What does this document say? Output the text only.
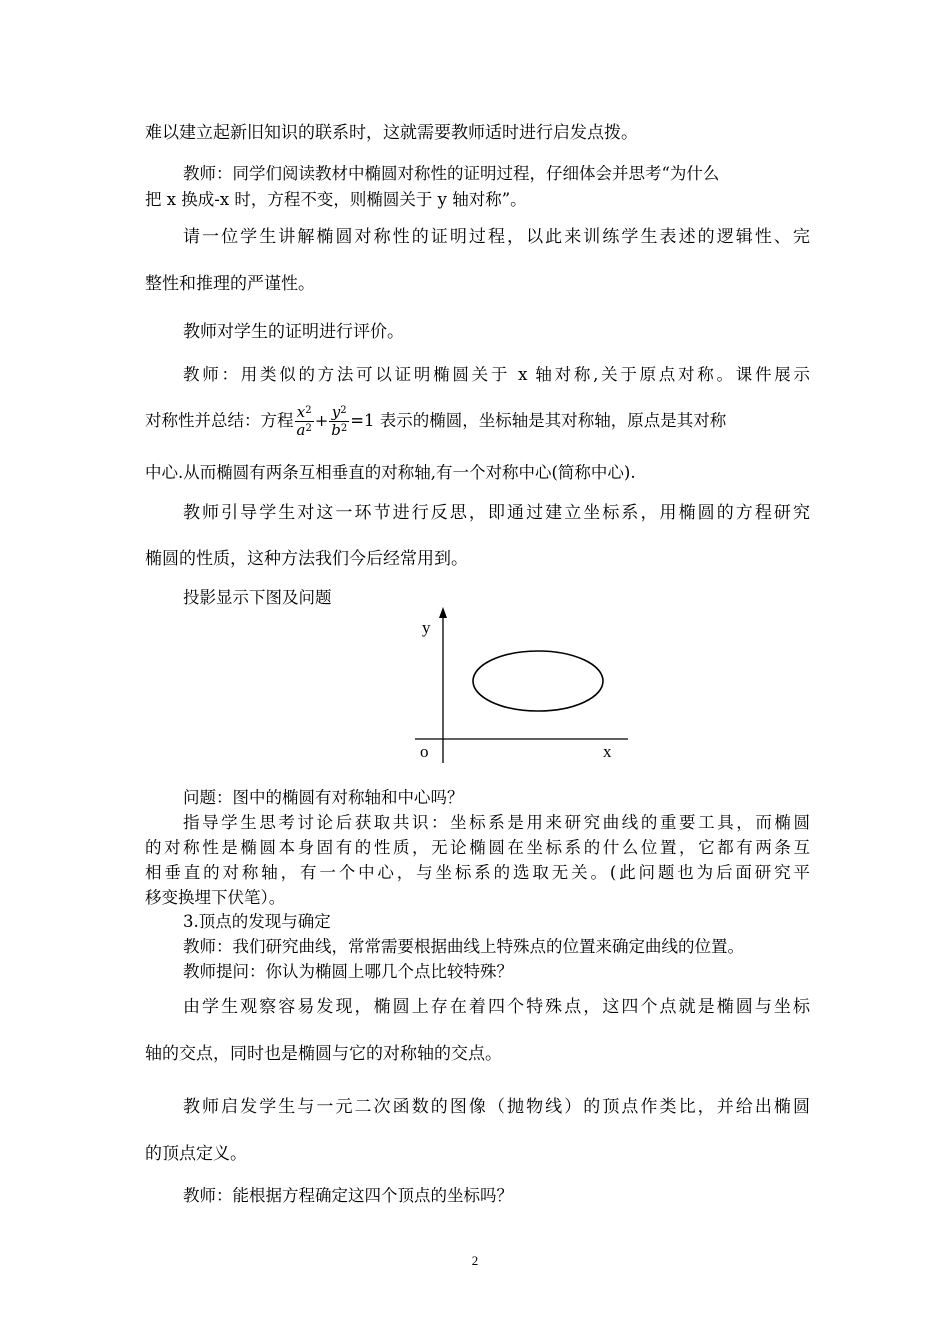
难以建立起新旧知识的联系时，这就需要教师适时进行启发点拨。
教师：同学们阅读教材中椭圆对称性的证明过程，仔细体会并思考“为什么
把 x 换成-x 时，方程不变，则椭圆关于 y 轴对称”。
请一位学生讲解椭圆对称性的证明过程，以此来训练学生表述的逻辑性、完
整性和推理的严谨性。
教师对学生的证明进行评价。
教师：用类似的方法可以证明椭圆关于 x 轴对称,关于原点对称。课件展示
对称性并总结：方程 $\frac{x^2}{a^2} + \frac{y^2}{b^2} =1$ 表示的椭圆，坐标轴是其对称轴，原点是其对称
中心.从而椭圆有两条互相垂直的对称轴,有一个对称中心(简称中心).
教师引导学生对这一环节进行反思，即通过建立坐标系，用椭圆的方程研究
椭圆的性质，这种方法我们今后经常用到。
投影显示下图及问题
y
o	x
问题：图中的椭圆有对称轴和中心吗？
指导学生思考讨论后获取共识：坐标系是用来研究曲线的重要工具，而椭圆
的对称性是椭圆本身固有的性质，无论椭圆在坐标系的什么位置，它都有两条互
相垂直的对称轴，有一个中心，与坐标系的选取无关。(此问题也为后面研究平
移变换埋下伏笔）。
3.顶点的发现与确定
教师：我们研究曲线，常常需要根据曲线上特殊点的位置来确定曲线的位置。
教师提问：你认为椭圆上哪几个点比较特殊？
由学生观察容易发现，椭圆上存在着四个特殊点，这四个点就是椭圆与坐标
轴的交点，同时也是椭圆与它的对称轴的交点。
教师启发学生与一元二次函数的图像（抛物线）的顶点作类比，并给出椭圆
的顶点定义。
教师：能根据方程确定这四个顶点的坐标吗？
2
